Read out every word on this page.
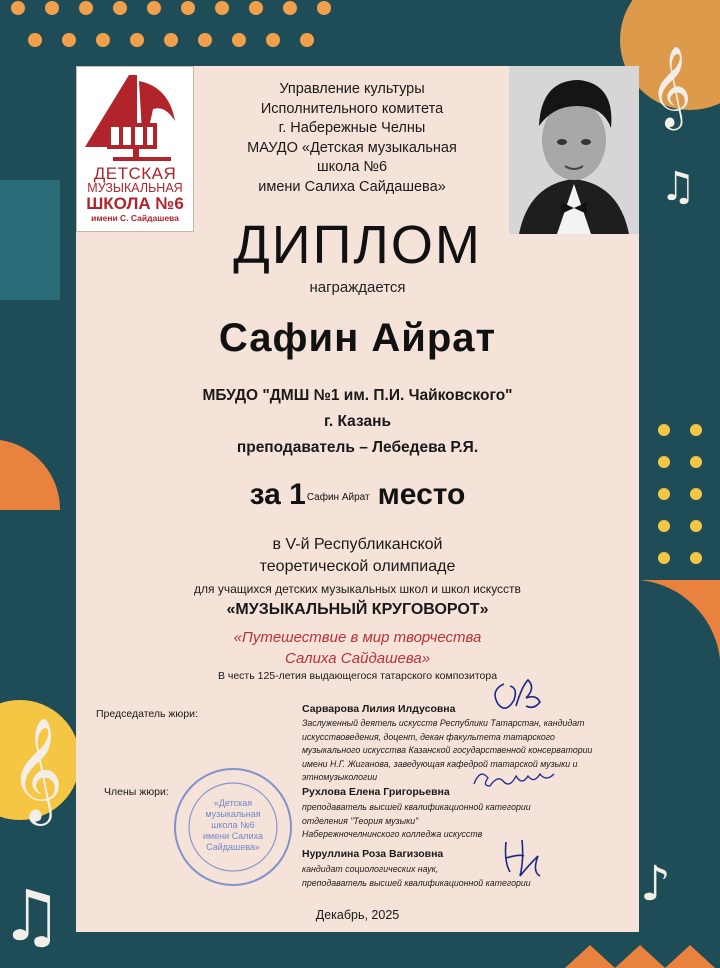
𝄞
♫
𝄞
♫	♪
ДЕТСКАЯ
МУЗЫКАЛЬНАЯ
ШКОЛА №6
имени С. Сайдашева
Управление культуры
Исполнительного комитета
г. Набережные Челны
МАУДО «Детская музыкальная
школа №6
имени Салиха Сайдашева»
ДИПЛОМ
награждается
Сафин Айрат
МБУДО "ДМШ №1 им. П.И. Чайковского"
г. Казань
преподаватель – Лебедева Р.Я.
за $1^{Сафин Айрат}$ место
в V-й Республиканской
теоретической олимпиаде
для учащихся детских музыкальных школ и школ искусств
«МУЗЫКАЛЬНЫЙ КРУГОВОРОТ»
«Путешествие в мир творчества
Салиха Сайдашева»
В честь 125-летия выдающегося татарского композитора
Председатель жюри:	Сарварова Лилия Илдусовна
Заслуженный деятель искусств Республики Татарстан, кандидат
искусствоведения, доцент, декан факультета татарского
музыкального искусства Казанской государственной консерватории
имени Н.Г. Жиганова, заведующая кафедрой татарской музыки и
этномузыкологии
Члены жюри:	Рухлова Елена Григорьевна
преподаватель высшей квалификационной категории
отделения "Теория музыки"
Набережночелнинского колледжа искусств
Нуруллина Роза Вагизовна
кандидат социологических наук,
преподаватель высшей квалификационной категории
«Детская
музыкальная
школа №6
имени Салиха
Сайдашева»
Декабрь, 2025
